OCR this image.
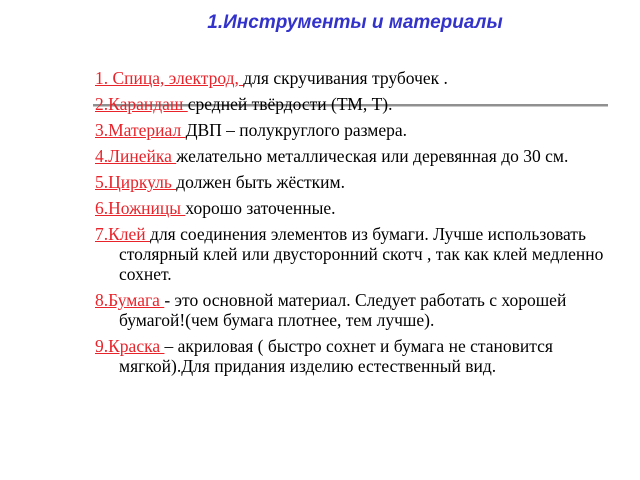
1.Инструменты и материалы
1. Спица, электрод, для скручивания трубочек .
2.Карандаш средней твёрдости (ТМ, Т).
3.Материал ДВП – полукруглого размера.
4.Линейка желательно металлическая или деревянная до 30 см.
5.Циркуль должен быть жёстким.
6.Ножницы хорошо заточенные.
7.Клей для соединения элементов из бумаги. Лучше использовать столярный клей или двусторонний скотч , так как клей медленно сохнет.
8.Бумага - это основной материал. Следует работать с хорошей бумагой!(чем бумага плотнее, тем лучше).
9.Краска – акриловая ( быстро сохнет и бумага не становится мягкой).Для придания изделию естественный вид.
